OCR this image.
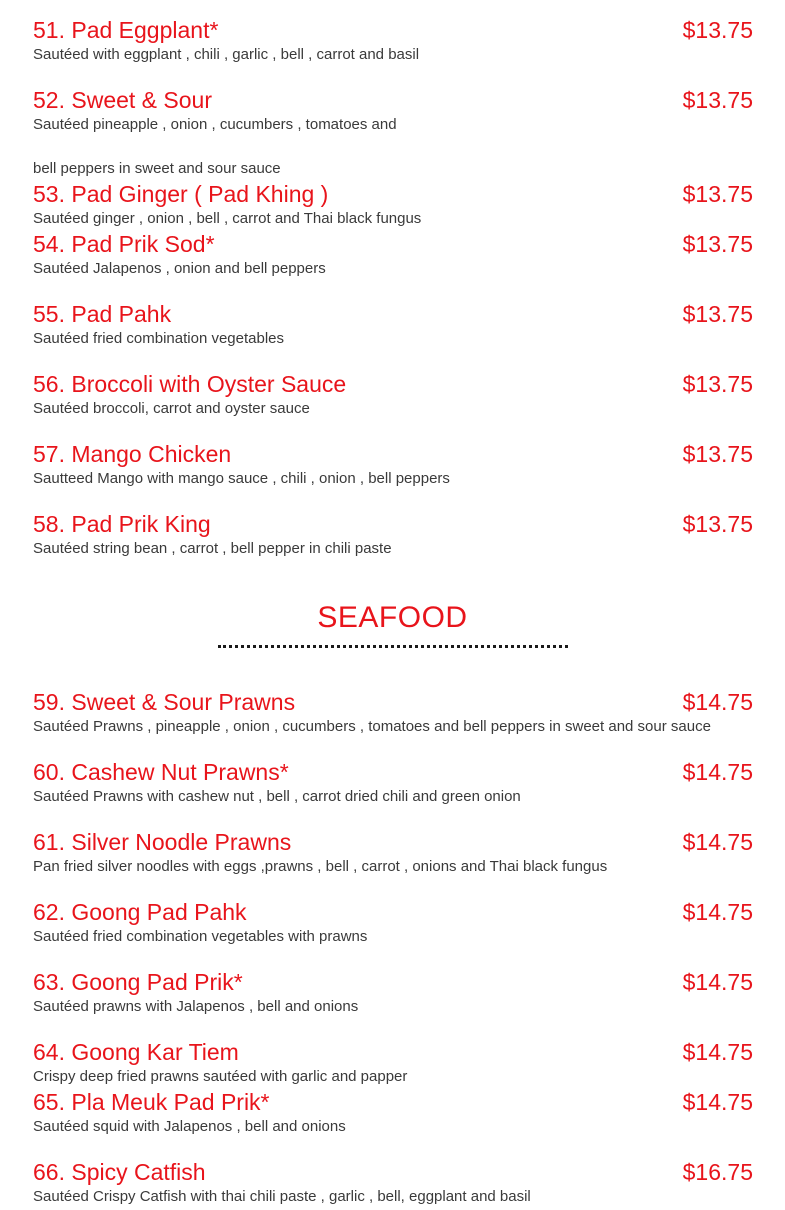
51. Pad Eggplant*	$13.75
Sautéed with eggplant , chili , garlic , bell , carrot and basil
52. Sweet & Sour	$13.75
Sautéed pineapple , onion , cucumbers , tomatoes and
bell peppers in sweet and sour sauce
53. Pad Ginger ( Pad Khing )	$13.75
Sautéed ginger , onion , bell , carrot and Thai black fungus
54. Pad Prik Sod*	$13.75
Sautéed Jalapenos , onion and bell peppers
55. Pad Pahk	$13.75
Sautéed fried combination vegetables
56. Broccoli with Oyster Sauce	$13.75
Sautéed broccoli, carrot and oyster sauce
57. Mango Chicken	$13.75
Sautteed Mango with mango sauce , chili , onion , bell peppers
58. Pad Prik King	$13.75
Sautéed string bean , carrot , bell pepper in chili paste
SEAFOOD
59. Sweet & Sour Prawns	$14.75
Sautéed Prawns , pineapple , onion , cucumbers , tomatoes and bell peppers in sweet and sour sauce
60. Cashew Nut Prawns*	$14.75
Sautéed Prawns with cashew nut , bell , carrot dried chili and green onion
61. Silver Noodle Prawns	$14.75
Pan fried silver noodles with eggs ,prawns , bell , carrot , onions and Thai black fungus
62. Goong Pad Pahk	$14.75
Sautéed fried combination vegetables with prawns
63. Goong Pad Prik*	$14.75
Sautéed prawns with Jalapenos , bell and onions
64. Goong Kar Tiem	$14.75
Crispy deep fried prawns sautéed with garlic and papper
65. Pla Meuk Pad Prik*	$14.75
Sautéed squid with Jalapenos , bell and onions
66. Spicy Catfish	$16.75
Sautéed Crispy Catfish with thai chili paste , garlic , bell, eggplant and basil
